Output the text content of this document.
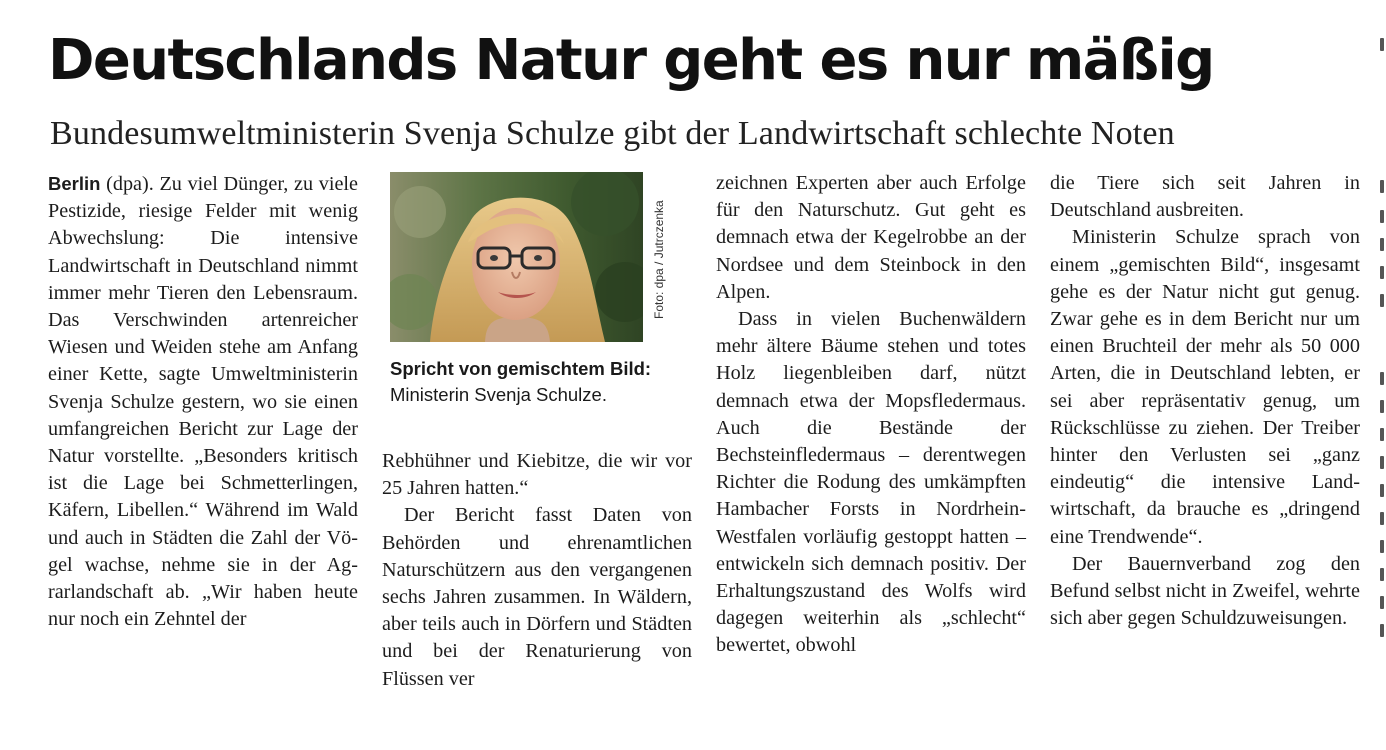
Deutschlands Natur geht es nur mäßig
Bundesumweltministerin Svenja Schulze gibt der Landwirtschaft schlechte Noten

Berlin (dpa). Zu viel Dünger, zu viele Pestizide, riesige Felder mit wenig Abwechslung: Die intensive Landwirtschaft in Deutschland nimmt immer mehr Tieren den Lebensraum. Das Verschwinden artenreicher Wiesen und Weiden stehe am Anfang einer Kette, sagte Umweltministerin Svenja Schulze gestern, wo sie einen umfangreichen Bericht zur Lage der Natur vorstellte. „Besonders kritisch ist die Lage bei Schmetterlingen, Käfern, Libellen.“ Während im Wald und auch in Städten die Zahl der Vögel wachse, nehme sie in der Agrarlandschaft ab. „Wir haben heute nur noch ein Zehntel der

Foto: dpa / Jutrczenka
Spricht von gemischtem Bild:
Ministerin Svenja Schulze.

Rebhühner und Kiebitze, die wir vor 25 Jahren hatten.“

Der Bericht fasst Daten von Behörden und ehrenamtlichen Naturschützern aus den vergangenen sechs Jahren zusammen. In Wäldern, aber teils auch in Dörfern und Städten und bei der Renaturierung von Flüssen ver

zeichnen Experten aber auch Erfolge für den Naturschutz. Gut geht es demnach etwa der Kegelrobbe an der Nordsee und dem Steinbock in den Alpen.

Dass in vielen Buchenwäldern mehr ältere Bäume stehen und totes Holz liegenbleiben darf, nützt demnach etwa der Mopsfledermaus. Auch die Bestände der Bechsteinfledermaus – derentwegen Richter die Rodung des umkämpften Hambacher Forsts in Nordrhein-Westfalen vorläufig gestoppt hatten – entwickeln sich demnach positiv. Der Erhaltungszustand des Wolfs wird dagegen weiterhin als „schlecht“ bewertet, obwohl

die Tiere sich seit Jahren in Deutschland ausbreiten.

Ministerin Schulze sprach von einem „gemischten Bild“, insgesamt gehe es der Natur nicht gut genug. Zwar gehe es in dem Bericht nur um einen Bruchteil der mehr als 50 000 Arten, die in Deutschland lebten, er sei aber repräsentativ genug, um Rückschlüsse zu ziehen. Der Treiber hinter den Verlusten sei „ganz eindeutig“ die intensive Landwirtschaft, da brauche es „dringend eine Trendwende“.

Der Bauernverband zog den Befund selbst nicht in Zweifel, wehrte sich aber gegen Schuldzuweisungen.
